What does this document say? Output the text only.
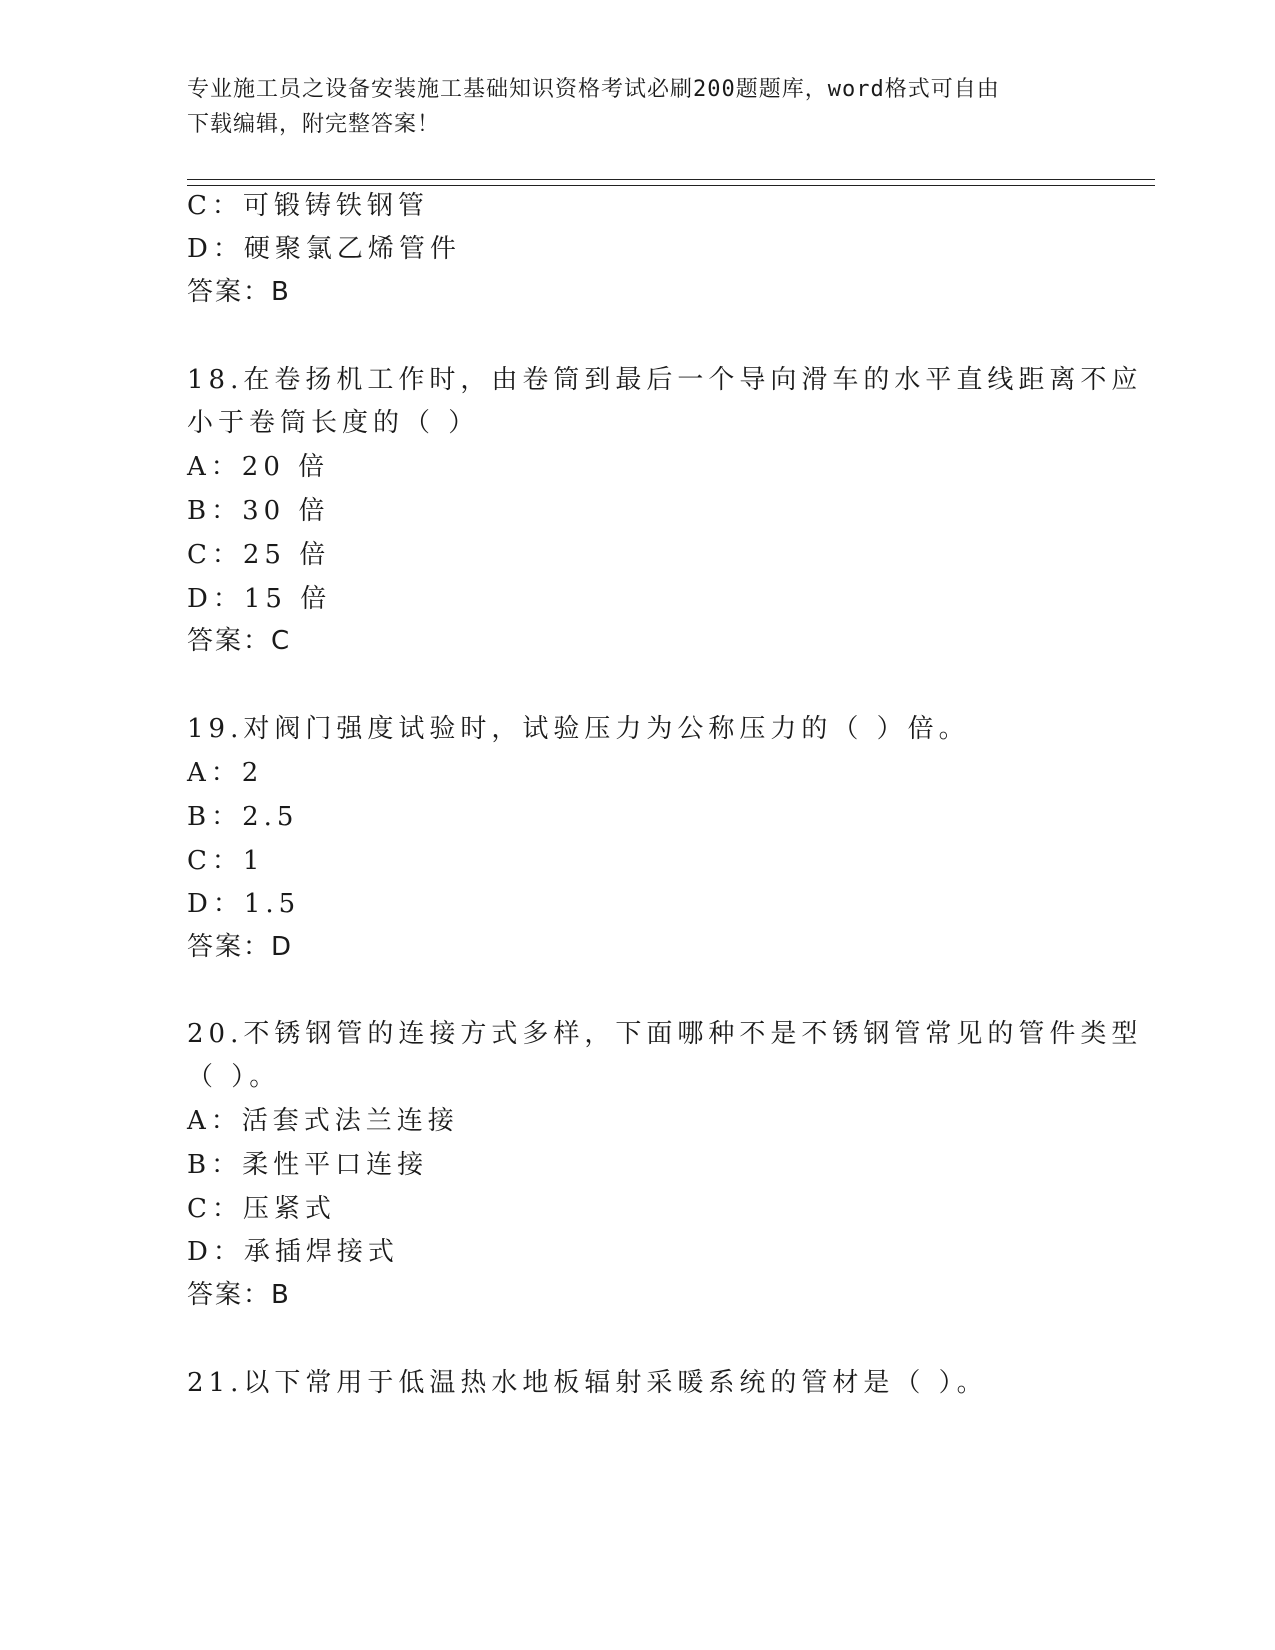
专业施工员之设备安装施工基础知识资格考试必刷200题题库，word格式可自由
下载编辑，附完整答案！
C：可锻铸铁钢管
D：硬聚氯乙烯管件
答案：B
18.在卷扬机工作时，由卷筒到最后一个导向滑车的水平直线距离不应
小于卷筒长度的（ ）
A：20 倍
B：30 倍
C：25 倍
D：15 倍
答案：C
19.对阀门强度试验时，试验压力为公称压力的（ ）倍。
A：2
B：2.5
C：1
D：1.5
答案：D
20.不锈钢管的连接方式多样，下面哪种不是不锈钢管常见的管件类型
（ ）。
A：活套式法兰连接
B：柔性平口连接
C：压紧式
D：承插焊接式
答案：B
21.以下常用于低温热水地板辐射采暖系统的管材是（ ）。
